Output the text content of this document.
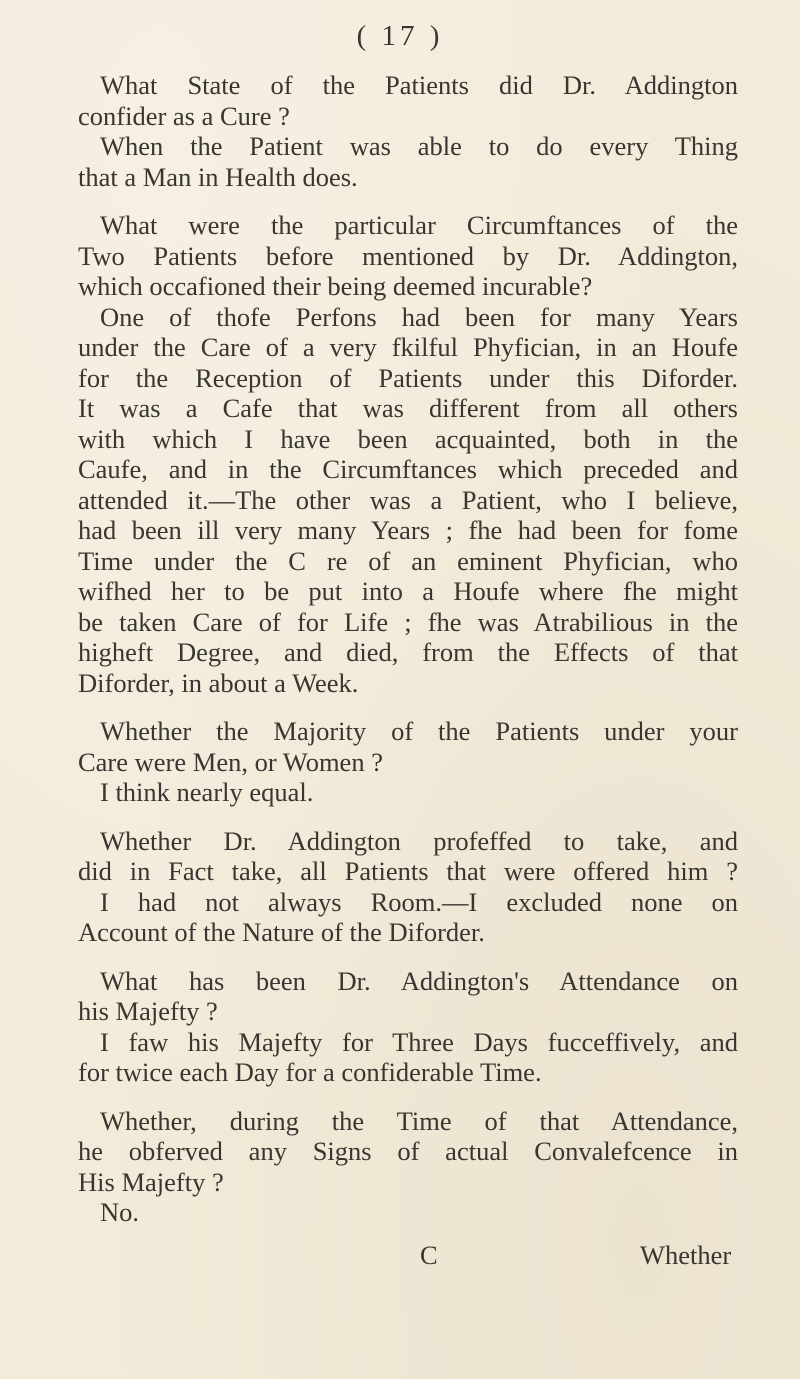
( 17 )
What State of the Patients did Dr. Addington
confider as a Cure ?
When the Patient was able to do every Thing
that a Man in Health does.
What were the particular Circumftances of the
Two Patients before mentioned by Dr. Addington,
which occafioned their being deemed incurable?
One of thofe Perfons had been for many Years
under the Care of a very fkilful Phyfician, in an Houfe
for the Reception of Patients under this Diforder.
It was a Cafe that was different from all others
with which I have been acquainted, both in the
Caufe, and in the Circumftances which preceded and
attended it.—The other was a Patient, who I believe,
had been ill very many Years ; fhe had been for fome
Time under the C re of an eminent Phyfician, who
wifhed her to be put into a Houfe where fhe might
be taken Care of for Life ; fhe was Atrabilious in the
higheft Degree, and died, from the Effects of that
Diforder, in about a Week.
Whether the Majority of the Patients under your
Care were Men, or Women ?
I think nearly equal.
Whether Dr. Addington profeffed to take, and
did in Fact take, all Patients that were offered him ?
I had not always Room.—I excluded none on
Account of the Nature of the Diforder.
What has been Dr. Addington's Attendance on
his Majefty ?
I faw his Majefty for Three Days fucceffively, and
for twice each Day for a confiderable Time.
Whether, during the Time of that Attendance,
he obferved any Signs of actual Convalefcence in
His Majefty ?
No.
C	Whether
